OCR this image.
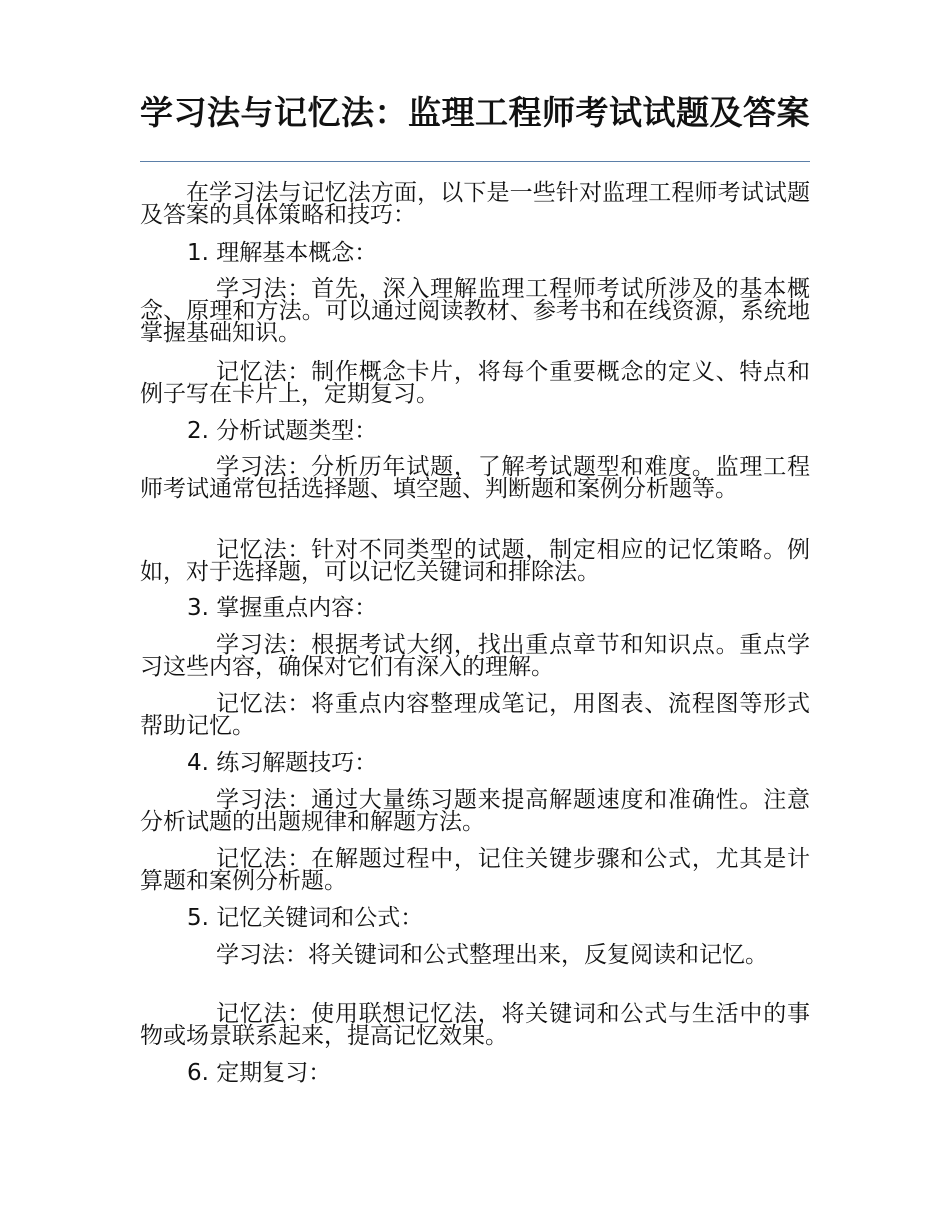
学习法与记忆法：监理工程师考试试题及答案

在学习法与记忆法方面，以下是一些针对监理工程师考试试题及答案的具体策略和技巧：

1. 理解基本概念：

学习法：首先，深入理解监理工程师考试所涉及的基本概念、原理和方法。可以通过阅读教材、参考书和在线资源，系统地掌握基础知识。

记忆法：制作概念卡片，将每个重要概念的定义、特点和例子写在卡片上，定期复习。

2. 分析试题类型：

学习法：分析历年试题，了解考试题型和难度。监理工程师考试通常包括选择题、填空题、判断题和案例分析题等。

记忆法：针对不同类型的试题，制定相应的记忆策略。例如，对于选择题，可以记忆关键词和排除法。

3. 掌握重点内容：

学习法：根据考试大纲，找出重点章节和知识点。重点学习这些内容，确保对它们有深入的理解。

记忆法：将重点内容整理成笔记，用图表、流程图等形式帮助记忆。

4. 练习解题技巧：

学习法：通过大量练习题来提高解题速度和准确性。注意分析试题的出题规律和解题方法。

记忆法：在解题过程中，记住关键步骤和公式，尤其是计算题和案例分析题。

5. 记忆关键词和公式：

学习法：将关键词和公式整理出来，反复阅读和记忆。

记忆法：使用联想记忆法，将关键词和公式与生活中的事物或场景联系起来，提高记忆效果。

6. 定期复习：
